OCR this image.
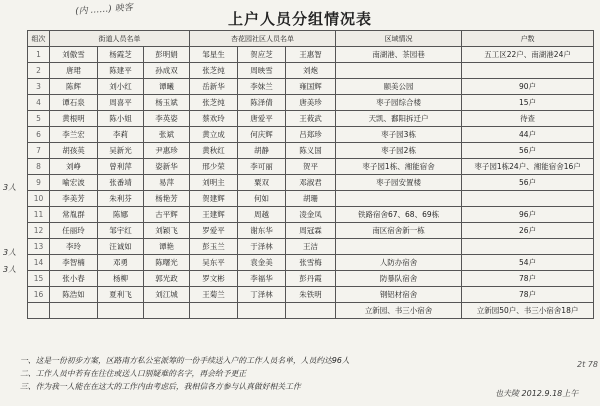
(内 ……) 映客
上户人员分组情况表
组次	街道人员名单			杏花园社区人员名单			区域情况	户数
1	刘傲雪	杨霞芝	彭明娟	邹星生	贺应芝	王惠智	南湖港、茶园巷	五工区22户、南湖港24户
2	唐珺	陈建平	孙成双	张芝纯	周映雪	刘炮		
3	陈辉	刘小红	谭曦	岳新华	李妹兰	雍国辉	颐美公园	90户
4	谭石泉	周喜平	杨玉斌	张芝纯	陈泽倩	唐美珍	枣子园综合楼	15户
5	黄根明	陈小姐	李英姿	蔡欢玲	唐爱平	王莜武	天凯、鄱阳拆迁户	待查
6	李兰宏	李莉	张斌	黄立成	何庆辉	吕郑珍	枣子园3栋	44户
7	胡孩英	吴新光	尹惠珍	黄秋红	胡静	陈义国	枣子园2栋	56户
8	刘峥	曾利萍	姿新华	邢少荣	李可丽	贺平	枣子园1栋、湘能宿舍	枣子园1栋24户、湘能宿舍16户
9	喻宏波	张番靖	易萍	刘明主	粟双	邓淑君	枣子园安置楼	56户
10	李美芳	朱利芬	杨艳芳	贺建辉	何如	胡珊		
11	常胤群	陈娜	古平辉	王建辉	周越	凌金凤	铁路宿舍67、68、69栋	96户
12	任丽玲	邹宇红	刘颖飞	罗爱平	谢东华	周冠霖	南区宿舍新一栋	26户
13	李玲	汪诚如	谭艳	彭玉兰	于泽林	王洁		
14	李智楠	邓勇	陈曙光	吴东平	袁金美	张雪梅	人防办宿舍	54户
15	张小春	杨柳	郭光政	罗文彬	李福华	彭丹霞	防暴队宿舍	78户
16	陈浩如	夏利飞	刘江城	王菊兰	丁泽林	朱铁明	钢铝材宿舍	78户
							立新园、书三小宿舍	立新园50户、书三小宿舍18户
3人
3人
3人
一、这是一份初步方案，区路南方私公室派筹的一份手续送入户的工作人员名单，人员约达96人
二、工作人员中若有在往住或送人口别疑难的名字，再会给予更正
三、作为我一人能在在这大的工作内由考虑后，我相信各方参与认真做好相关工作
2t 78
也夫陵 2012.9.18上午
